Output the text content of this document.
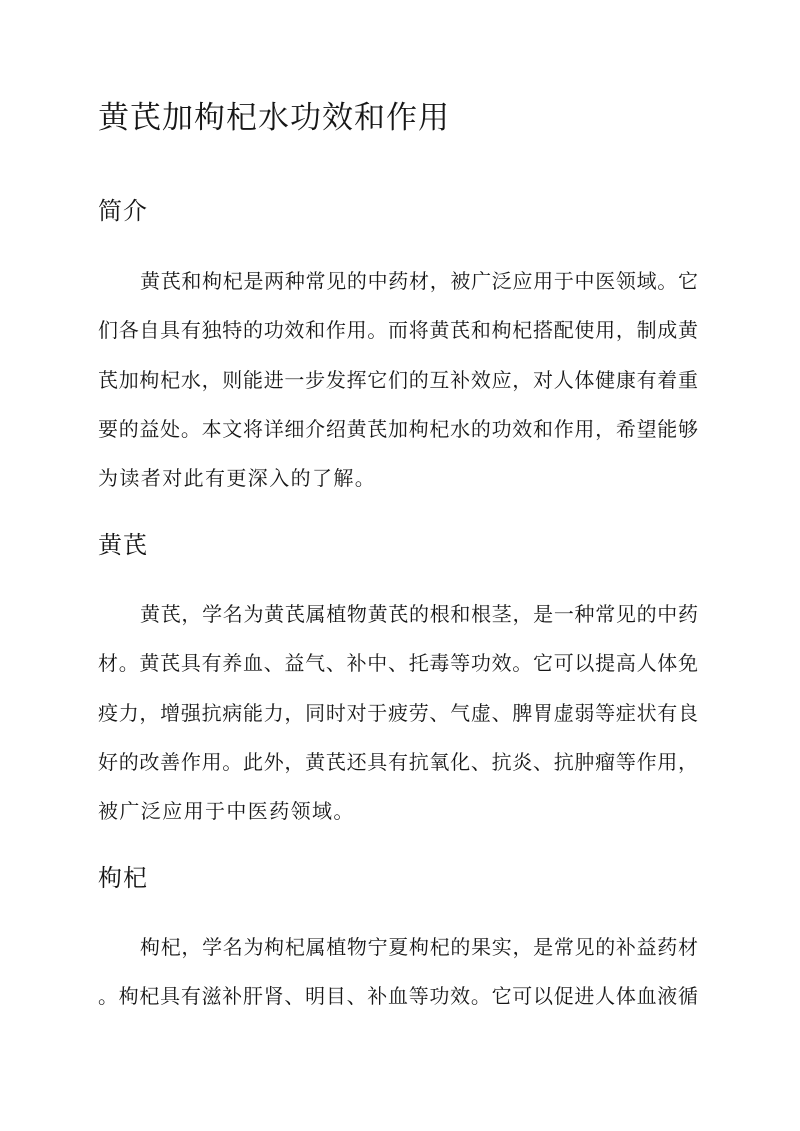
黄芪加枸杞水功效和作用
简介
黄芪和枸杞是两种常见的中药材，被广泛应用于中医领域。它
们各自具有独特的功效和作用。而将黄芪和枸杞搭配使用，制成黄
芪加枸杞水，则能进一步发挥它们的互补效应，对人体健康有着重
要的益处。本文将详细介绍黄芪加枸杞水的功效和作用，希望能够
为读者对此有更深入的了解。
黄芪
黄芪，学名为黄芪属植物黄芪的根和根茎，是一种常见的中药
材。黄芪具有养血、益气、补中、托毒等功效。它可以提高人体免
疫力，增强抗病能力，同时对于疲劳、气虚、脾胃虚弱等症状有良
好的改善作用。此外，黄芪还具有抗氧化、抗炎、抗肿瘤等作用，
被广泛应用于中医药领域。
枸杞
枸杞，学名为枸杞属植物宁夏枸杞的果实，是常见的补益药材
。枸杞具有滋补肝肾、明目、补血等功效。它可以促进人体血液循
